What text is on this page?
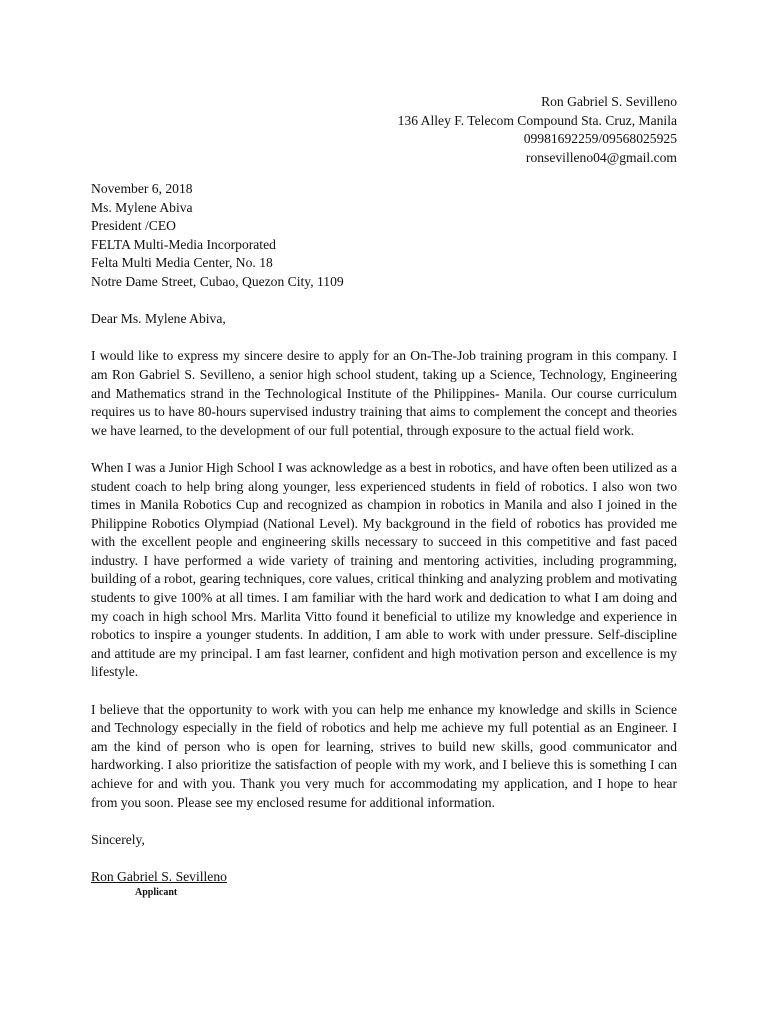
Ron Gabriel S. Sevilleno
136 Alley F. Telecom Compound Sta. Cruz, Manila
09981692259/09568025925
ronsevilleno04@gmail.com
November 6, 2018
Ms. Mylene Abiva
President /CEO
FELTA Multi-Media Incorporated
Felta Multi Media Center, No. 18
Notre Dame Street, Cubao, Quezon City, 1109
Dear Ms. Mylene Abiva,

I would like to express my sincere desire to apply for an On-The-Job training program in this company. I am Ron Gabriel S. Sevilleno, a senior high school student, taking up a Science, Technology, Engineering and Mathematics strand in the Technological Institute of the Philippines- Manila. Our course curriculum requires us to have 80-hours supervised industry training that aims to complement the concept and theories we have learned, to the development of our full potential, through exposure to the actual field work.

When I was a Junior High School I was acknowledge as a best in robotics, and have often been utilized as a student coach to help bring along younger, less experienced students in field of robotics. I also won two times in Manila Robotics Cup and recognized as champion in robotics in Manila and also I joined in the Philippine Robotics Olympiad (National Level). My background in the field of robotics has provided me with the excellent people and engineering skills necessary to succeed in this competitive and fast paced industry. I have performed a wide variety of training and mentoring activities, including programming, building of a robot, gearing techniques, core values, critical thinking and analyzing problem and motivating students to give 100% at all times. I am familiar with the hard work and dedication to what I am doing and my coach in high school Mrs. Marlita Vitto found it beneficial to utilize my knowledge and experience in robotics to inspire a younger students. In addition, I am able to work with under pressure. Self-discipline and attitude are my principal. I am fast learner, confident and high motivation person and excellence is my lifestyle.

I believe that the opportunity to work with you can help me enhance my knowledge and skills in Science and Technology especially in the field of robotics and help me achieve my full potential as an Engineer. I am the kind of person who is open for learning, strives to build new skills, good communicator and hardworking. I also prioritize the satisfaction of people with my work, and I believe this is something I can achieve for and with you. Thank you very much for accommodating my application, and I hope to hear from you soon. Please see my enclosed resume for additional information.

Sincerely,
Ron Gabriel S. Sevilleno
Applicant
